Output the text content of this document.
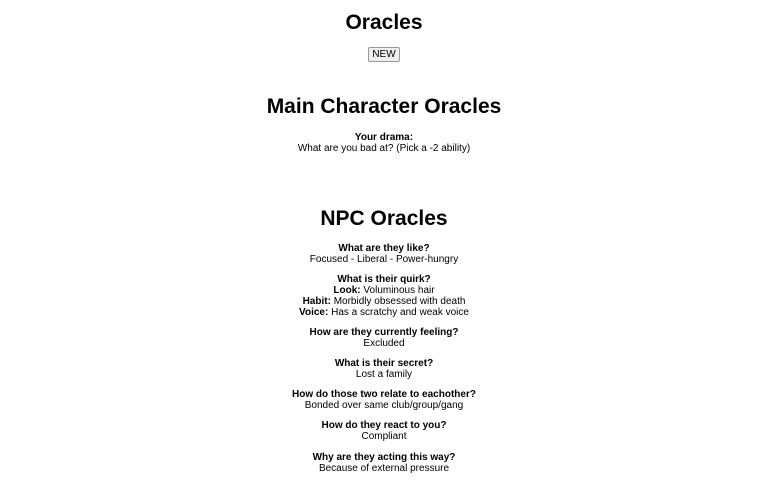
Oracles
NEW
Main Character Oracles
Your drama:
What are you bad at? (Pick a -2 ability)
NPC Oracles
What are they like?
Focused - Liberal - Power-hungry
What is their quirk?
Look: Voluminous hair
Habit: Morbidly obsessed with death
Voice: Has a scratchy and weak voice
How are they currently feeling?
Excluded
What is their secret?
Lost a family
How do those two relate to eachother?
Bonded over same club/group/gang
How do they react to you?
Compliant
Why are they acting this way?
Because of external pressure
